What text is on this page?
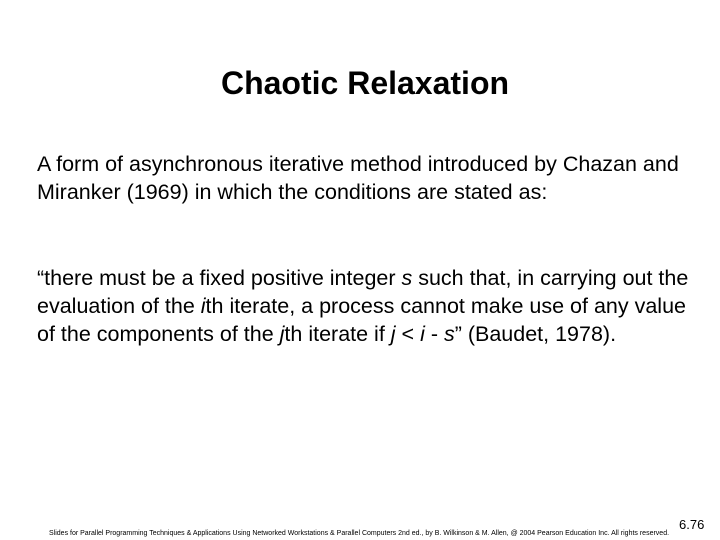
Chaotic Relaxation

A form of asynchronous iterative method introduced by Chazan and Miranker (1969) in which the conditions are stated as:

“there must be a fixed positive integer s such that, in carrying out the evaluation of the ith iterate, a process cannot make use of any value of the components of the jth iterate if j < i - s” (Baudet, 1978).

Slides for Parallel Programming Techniques & Applications Using Networked Workstations & Parallel Computers 2nd ed., by B. Wilkinson & M. Allen, @ 2004 Pearson Education Inc. All rights reserved.
6.76
